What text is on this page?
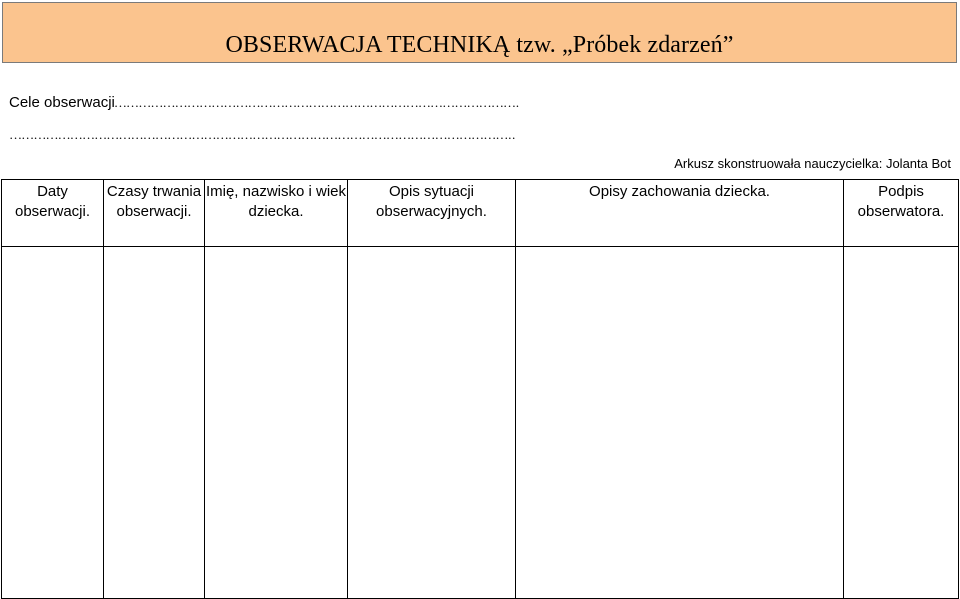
OBSERWACJA TECHNIKĄ tzw. „Próbek zdarzeń”
Cele obserwacji……………………………………………………………………………………….
……………………………………………………………………………………………………………..
Arkusz skonstruowała nauczycielka: Jolanta Bot
Daty obserwacji.	Czasy trwania obserwacji.	Imię, nazwisko i wiek dziecka.	Opis sytuacji obserwacyjnych.	Opisy zachowania dziecka.	Podpis obserwatora.
